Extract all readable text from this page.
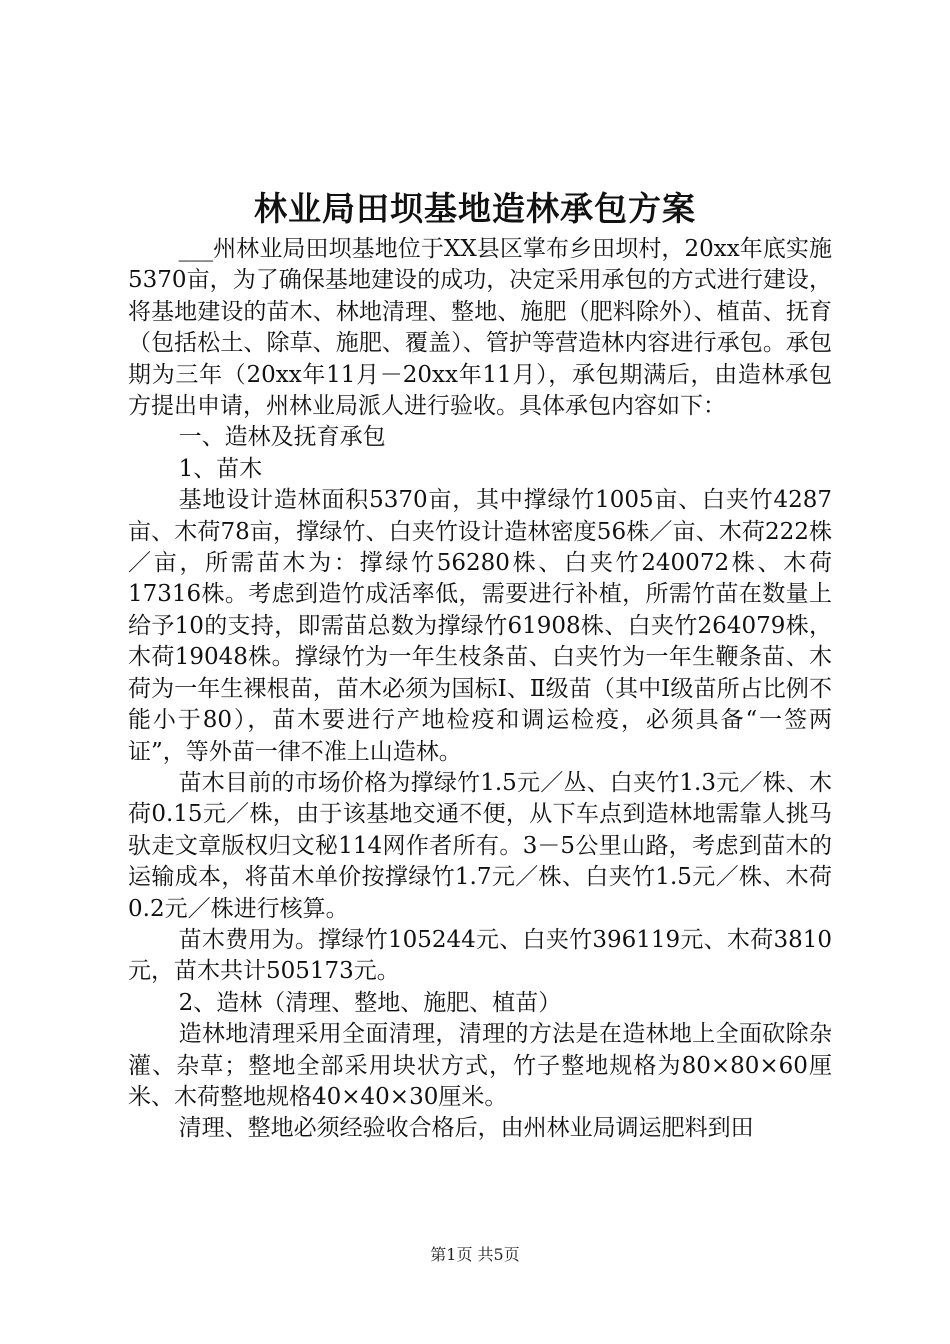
林业局田坝基地造林承包方案

___州林业局田坝基地位于XX县区掌布乡田坝村，20xx年底实施5370亩，为了确保基地建设的成功，决定采用承包的方式进行建设，将基地建设的苗木、林地清理、整地、施肥（肥料除外）、植苗、抚育（包括松土、除草、施肥、覆盖）、管护等营造林内容进行承包。承包期为三年（20xx年11月－20xx年11月），承包期满后，由造林承包方提出申请，州林业局派人进行验收。具体承包内容如下：

一、造林及抚育承包

1、苗木

基地设计造林面积5370亩，其中撑绿竹1005亩、白夹竹4287亩、木荷78亩，撑绿竹、白夹竹设计造林密度56株／亩、木荷222株／亩，所需苗木为：撑绿竹56280株、白夹竹240072株、木荷17316株。考虑到造竹成活率低，需要进行补植，所需竹苗在数量上给予10的支持，即需苗总数为撑绿竹61908株、白夹竹264079株，木荷19048株。撑绿竹为一年生枝条苗、白夹竹为一年生鞭条苗、木荷为一年生裸根苗，苗木必须为国标Ⅰ、Ⅱ级苗（其中Ⅰ级苗所占比例不能小于80），苗木要进行产地检疫和调运检疫，必须具备“一签两证”，等外苗一律不准上山造林。

苗木目前的市场价格为撑绿竹1.5元／丛、白夹竹1.3元／株、木荷0.15元／株，由于该基地交通不便，从下车点到造林地需靠人挑马驮走文章版权归文秘114网作者所有。3－5公里山路，考虑到苗木的运输成本，将苗木单价按撑绿竹1.7元／株、白夹竹1.5元／株、木荷0.2元／株进行核算。

苗木费用为。撑绿竹105244元、白夹竹396119元、木荷3810元，苗木共计505173元。

2、造林（清理、整地、施肥、植苗）

造林地清理采用全面清理，清理的方法是在造林地上全面砍除杂灌、杂草；整地全部采用块状方式，竹子整地规格为80×80×60厘米、木荷整地规格40×40×30厘米。

清理、整地必须经验收合格后，由州林业局调运肥料到田

第1页 共5页
